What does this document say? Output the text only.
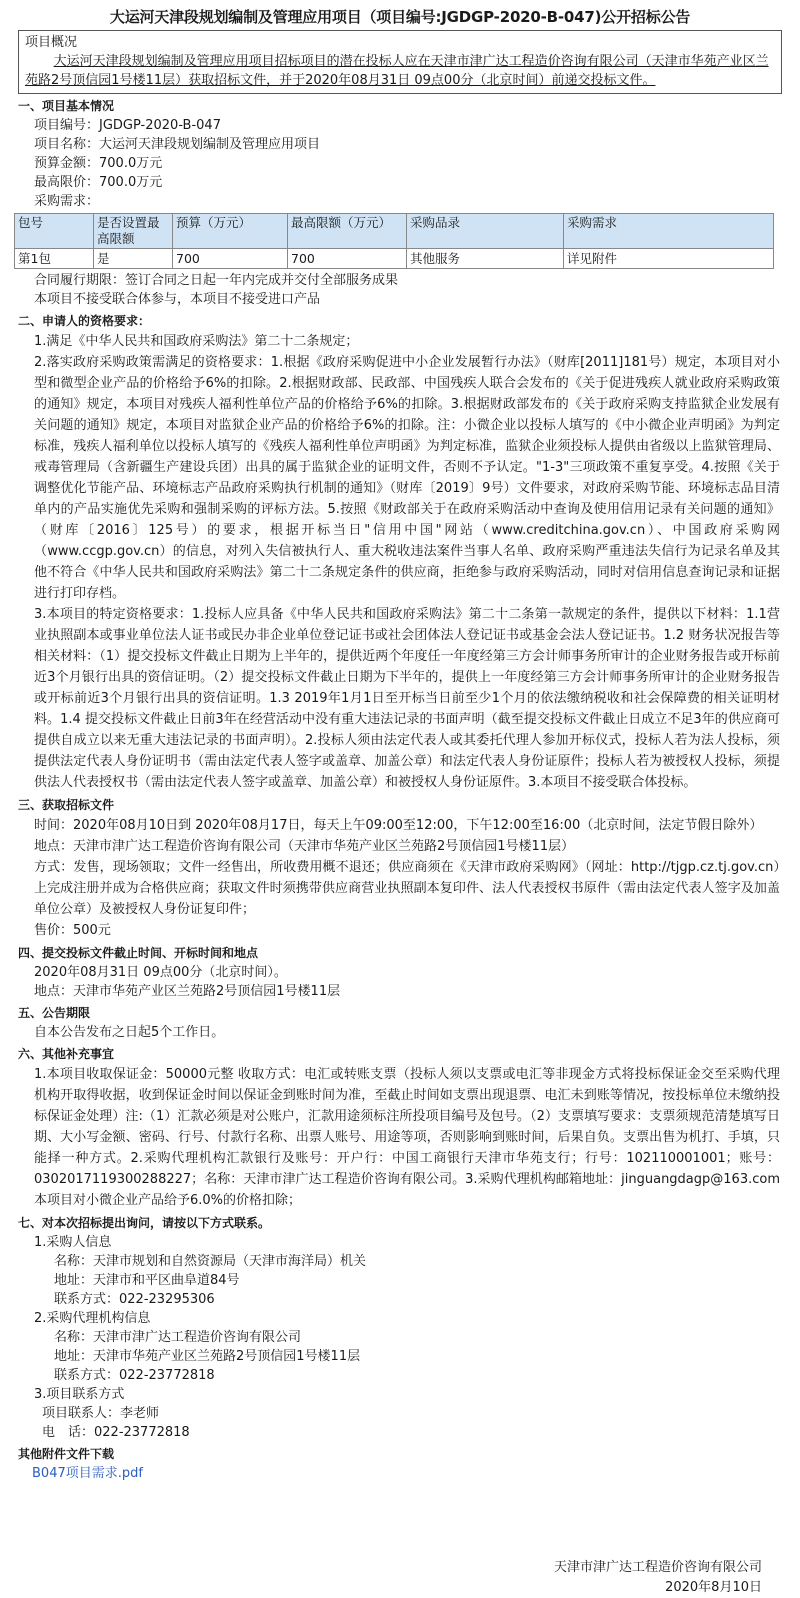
大运河天津段规划编制及管理应用项目（项目编号:JGDGP-2020-B-047)公开招标公告
项目概况
大运河天津段规划编制及管理应用项目招标项目的潜在投标人应在天津市津广达工程造价咨询有限公司（天津市华苑产业区兰苑路2号顶信园1号楼11层）获取招标文件，并于2020年08月31日 09点00分（北京时间）前递交投标文件。
一、项目基本情况
项目编号：JGDGP-2020-B-047
项目名称：大运河天津段规划编制及管理应用项目
预算金额：700.0万元
最高限价：700.0万元
采购需求：
包号	是否设置最高限额	预算（万元）	最高限额（万元）	采购品录	采购需求
第1包	是	700	700	其他服务	详见附件
合同履行期限：签订合同之日起一年内完成并交付全部服务成果
本项目不接受联合体参与，本项目不接受进口产品
二、申请人的资格要求：
1.满足《中华人民共和国政府采购法》第二十二条规定；
2.落实政府采购政策需满足的资格要求：1.根据《政府采购促进中小企业发展暂行办法》（财库[2011]181号）规定，本项目对小型和微型企业产品的价格给予6%的扣除。2.根据财政部、民政部、中国残疾人联合会发布的《关于促进残疾人就业政府采购政策的通知》规定，本项目对残疾人福利性单位产品的价格给予6%的扣除。3.根据财政部发布的《关于政府采购支持监狱企业发展有关问题的通知》规定，本项目对监狱企业产品的价格给予6%的扣除。注：小微企业以投标人填写的《中小微企业声明函》为判定标准，残疾人福利单位以投标人填写的《残疾人福利性单位声明函》为判定标准，监狱企业须投标人提供由省级以上监狱管理局、戒毒管理局（含新疆生产建设兵团）出具的属于监狱企业的证明文件，否则不予认定。"1-3"三项政策不重复享受。4.按照《关于调整优化节能产品、环境标志产品政府采购执行机制的通知》（财库〔2019〕9号）文件要求，对政府采购节能、环境标志品目清单内的产品实施优先采购和强制采购的评标方法。5.按照《财政部关于在政府采购活动中查询及使用信用记录有关问题的通知》（财库〔2016〕125号）的要求，根据开标当日"信用中国"网站（www.creditchina.gov.cn）、中国政府采购网（www.ccgp.gov.cn）的信息，对列入失信被执行人、重大税收违法案件当事人名单、政府采购严重违法失信行为记录名单及其他不符合《中华人民共和国政府采购法》第二十二条规定条件的供应商，拒绝参与政府采购活动，同时对信用信息查询记录和证据进行打印存档。
3.本项目的特定资格要求：1.投标人应具备《中华人民共和国政府采购法》第二十二条第一款规定的条件，提供以下材料：1.1营业执照副本或事业单位法人证书或民办非企业单位登记证书或社会团体法人登记证书或基金会法人登记证书。1.2 财务状况报告等相关材料：（1）提交投标文件截止日期为上半年的，提供近两个年度任一年度经第三方会计师事务所审计的企业财务报告或开标前近3个月银行出具的资信证明。（2）提交投标文件截止日期为下半年的，提供上一年度经第三方会计师事务所审计的企业财务报告或开标前近3个月银行出具的资信证明。1.3 2019年1月1日至开标当日前至少1个月的依法缴纳税收和社会保障费的相关证明材料。1.4 提交投标文件截止日前3年在经营活动中没有重大违法记录的书面声明（截至提交投标文件截止日成立不足3年的供应商可提供自成立以来无重大违法记录的书面声明）。2.投标人须由法定代表人或其委托代理人参加开标仪式，投标人若为法人投标，须提供法定代表人身份证明书（需由法定代表人签字或盖章、加盖公章）和法定代表人身份证原件；投标人若为被授权人投标，须提供法人代表授权书（需由法定代表人签字或盖章、加盖公章）和被授权人身份证原件。3.本项目不接受联合体投标。
三、获取招标文件
时间：2020年08月10日到 2020年08月17日，每天上午09:00至12:00，下午12:00至16:00（北京时间，法定节假日除外）
地点：天津市津广达工程造价咨询有限公司（天津市华苑产业区兰苑路2号顶信园1号楼11层）
方式：发售，现场领取；文件一经售出，所收费用概不退还；供应商须在《天津市政府采购网》（网址：http://tjgp.cz.tj.gov.cn）上完成注册并成为合格供应商；获取文件时须携带供应商营业执照副本复印件、法人代表授权书原件（需由法定代表人签字及加盖单位公章）及被授权人身份证复印件；
售价：500元
四、提交投标文件截止时间、开标时间和地点
2020年08月31日 09点00分（北京时间）。
地点：天津市华苑产业区兰苑路2号顶信园1号楼11层
五、公告期限
自本公告发布之日起5个工作日。
六、其他补充事宜
1.本项目收取保证金：50000元整 收取方式：电汇或转账支票（投标人须以支票或电汇等非现金方式将投标保证金交至采购代理机构开取得收据，收到保证金时间以保证金到账时间为准，至截止时间如支票出现退票、电汇未到账等情况，按投标单位未缴纳投标保证金处理）注:（1）汇款必须是对公账户，汇款用途须标注所投项目编号及包号。（2）支票填写要求：支票须规范清楚填写日期、大小写金额、密码、行号、付款行名称、出票人账号、用途等项，否则影响到账时间，后果自负。支票出售为机打、手填，只能择一种方式。2.采购代理机构汇款银行及账号：开户行：中国工商银行天津市华苑支行；行号：102110001001；账号：0302017119300288227；名称：天津市津广达工程造价咨询有限公司。3.采购代理机构邮箱地址：jinguangdagp@163.com 本项目对小微企业产品给予6.0%的价格扣除；
七、对本次招标提出询问，请按以下方式联系。
1.采购人信息
名称：天津市规划和自然资源局（天津市海洋局）机关
地址：天津市和平区曲阜道84号
联系方式：022-23295306
2.采购代理机构信息
名称：天津市津广达工程造价咨询有限公司
地址：天津市华苑产业区兰苑路2号顶信园1号楼11层
联系方式：022-23772818
3.项目联系方式
项目联系人：李老师
电　话：022-23772818
其他附件文件下载
B047项目需求.pdf
天津市津广达工程造价咨询有限公司
2020年8月10日
